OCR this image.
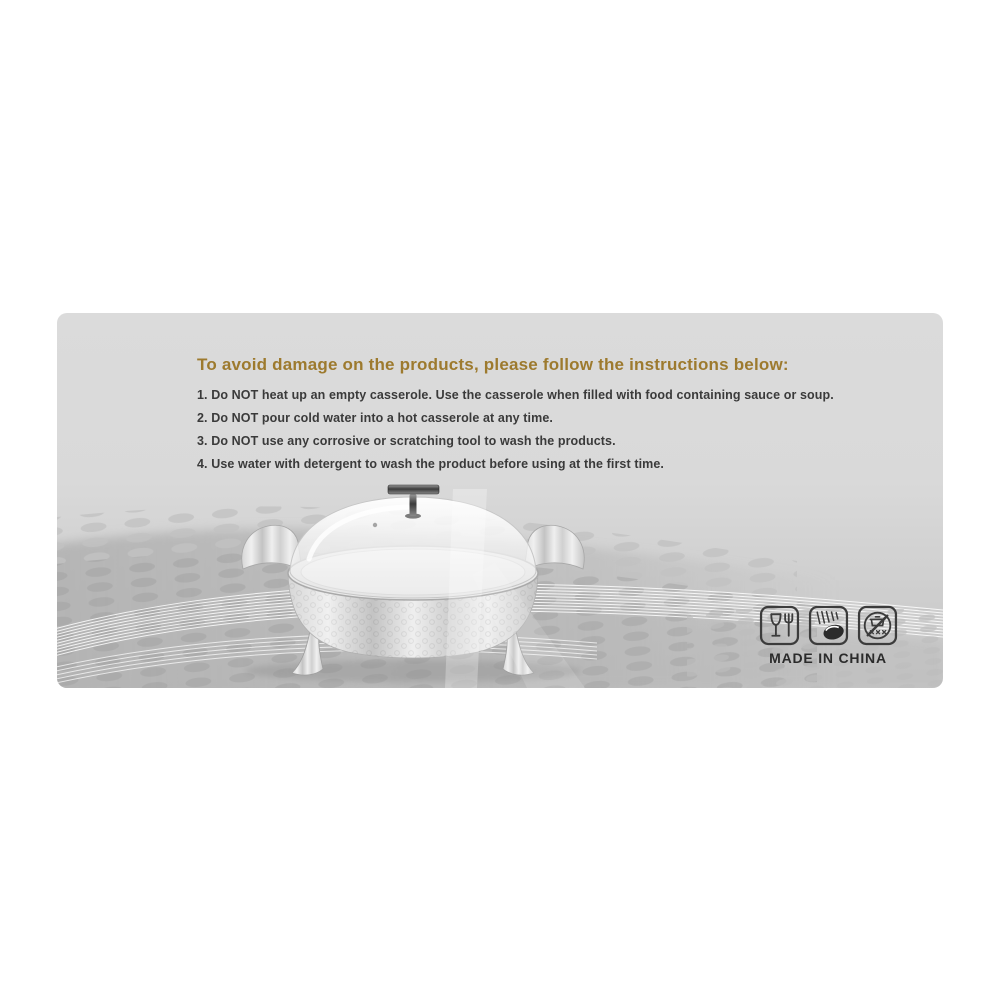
To avoid damage on the products, please follow the instructions below:
1. Do NOT heat up an empty casserole. Use the casserole when filled with food containing sauce or soup.
2. Do NOT pour cold water into a hot casserole at any time.
3. Do NOT use any corrosive or scratching tool to wash the products.
4. Use water with detergent to wash the product before using at the first time.
MADE IN CHINA
